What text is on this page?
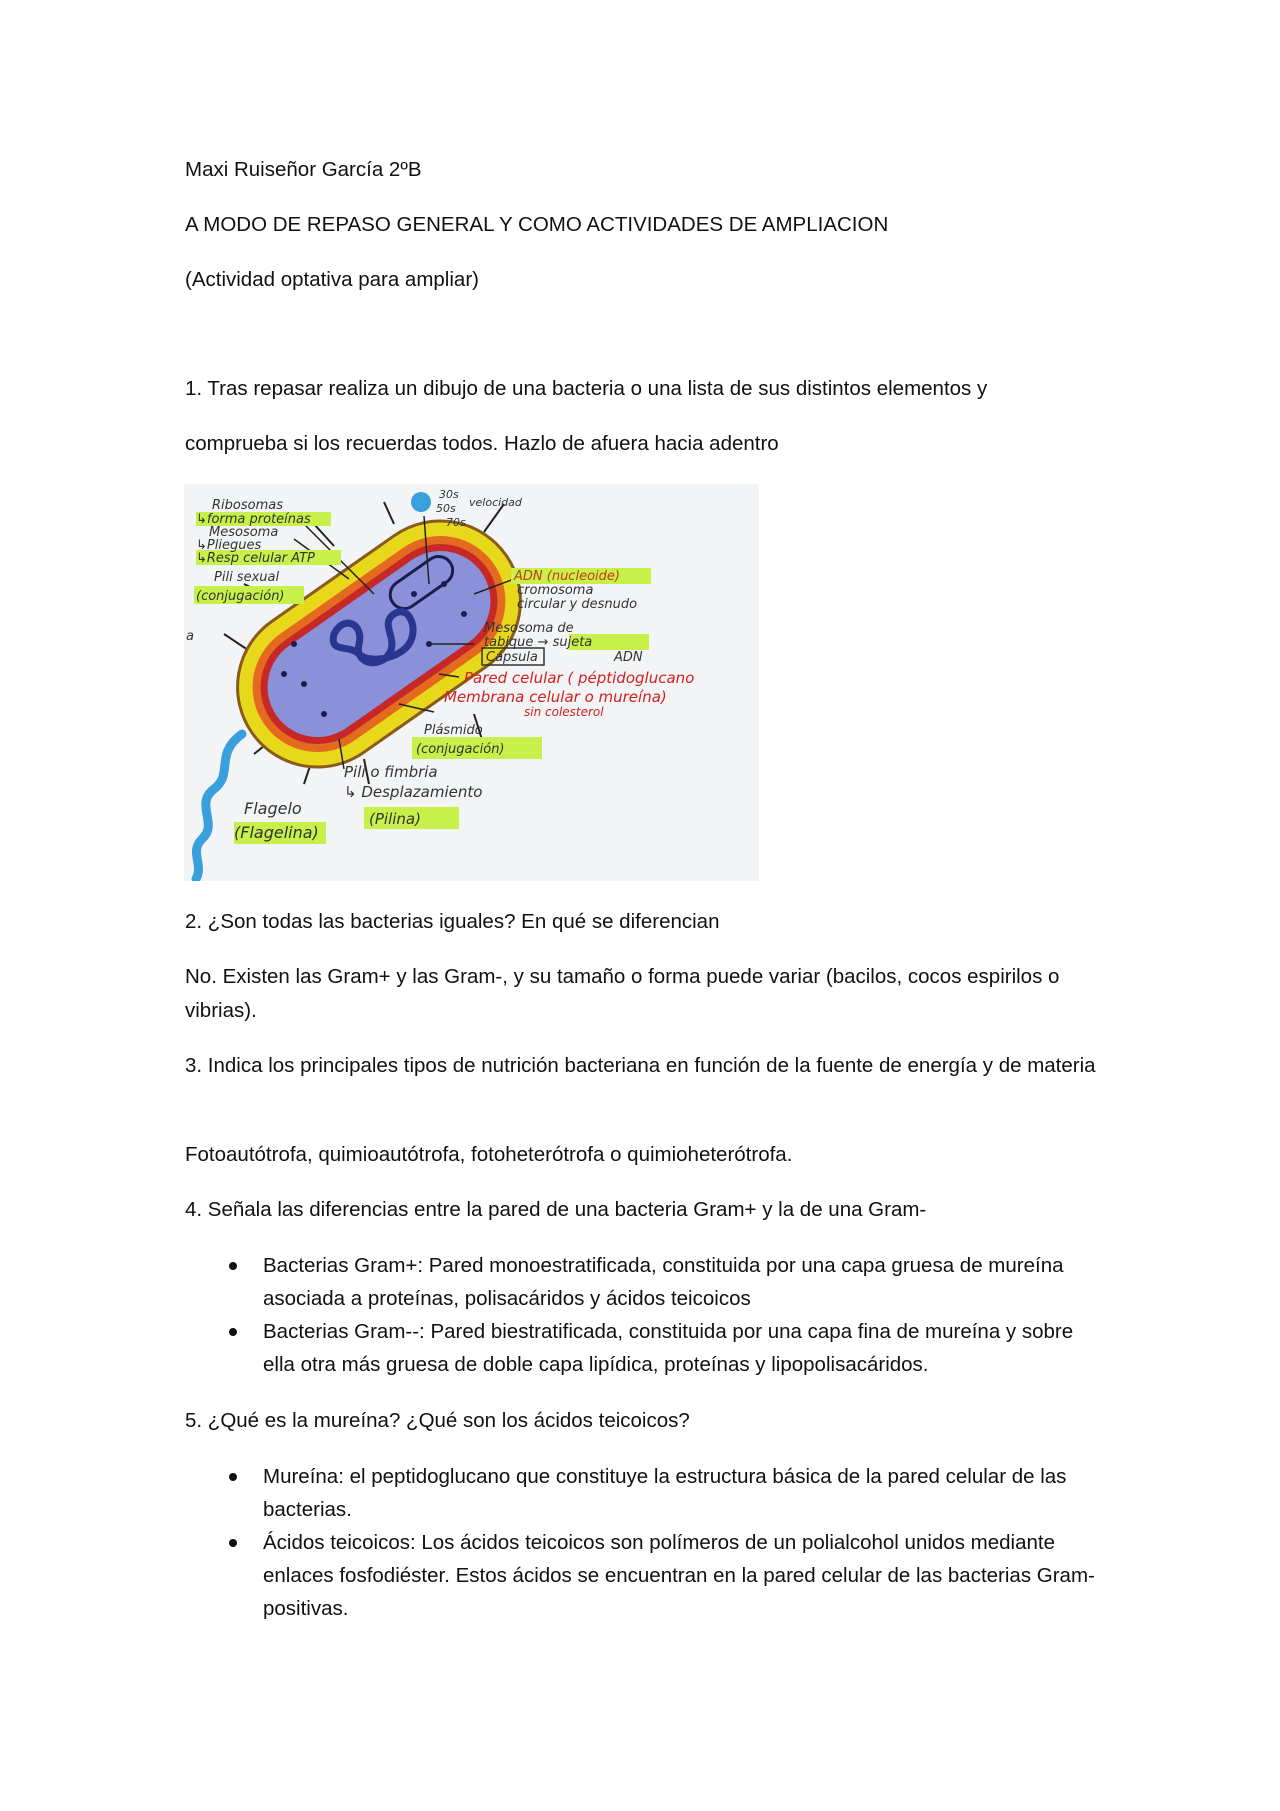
Maxi Ruiseñor García 2ºB

A MODO DE REPASO GENERAL Y COMO ACTIVIDADES DE AMPLIACION

(Actividad optativa para ampliar)

1. Tras repasar realiza un dibujo de una bacteria o una lista de sus distintos elementos y

comprueba si los recuerdas todos. Hazlo de afuera hacia adentro

Ribosomas
↳forma proteínas
Mesosoma
↳Pliegues
↳Resp celular ATP
Pili sexual
(conjugación)
a
30s
50s
70s
velocidad
ADN (nucleoide)
cromosoma
circular y desnudo
Mesosoma de
tabique → sujeta
ADN
Cápsula
Pared celular ( péptidoglucano
Membrana celular o mureína)
sin colesterol
Plásmido
(conjugación)
Pili o fimbria
↳ Desplazamiento
(Pilina)
Flagelo
(Flagelina)

2. ¿Son todas las bacterias iguales? En qué se diferencian

No. Existen las Gram+ y las Gram-, y su tamaño o forma puede variar (bacilos, cocos espirilos o vibrias).

3. Indica los principales tipos de nutrición bacteriana en función de la fuente de energía y de materia

Fotoautótrofa, quimioautótrofa, fotoheterótrofa o quimioheterótrofa.

4. Señala las diferencias entre la pared de una bacteria Gram+ y la de una Gram-

Bacterias Gram+: Pared monoestratificada, constituida por una capa gruesa de mureína asociada a proteínas, polisacáridos y ácidos teicoicos
Bacterias Gram--: Pared biestratificada, constituida por una capa fina de mureína y sobre ella otra más gruesa de doble capa lipídica, proteínas y lipopolisacáridos.

5. ¿Qué es la mureína? ¿Qué son los ácidos teicoicos?

Mureína: el peptidoglucano que constituye la estructura básica de la pared celular de las bacterias.
Ácidos teicoicos: Los ácidos teicoicos son polímeros de un polialcohol unidos mediante enlaces fosfodiéster. Estos ácidos se encuentran en la pared celular de las bacterias Gram-positivas.
